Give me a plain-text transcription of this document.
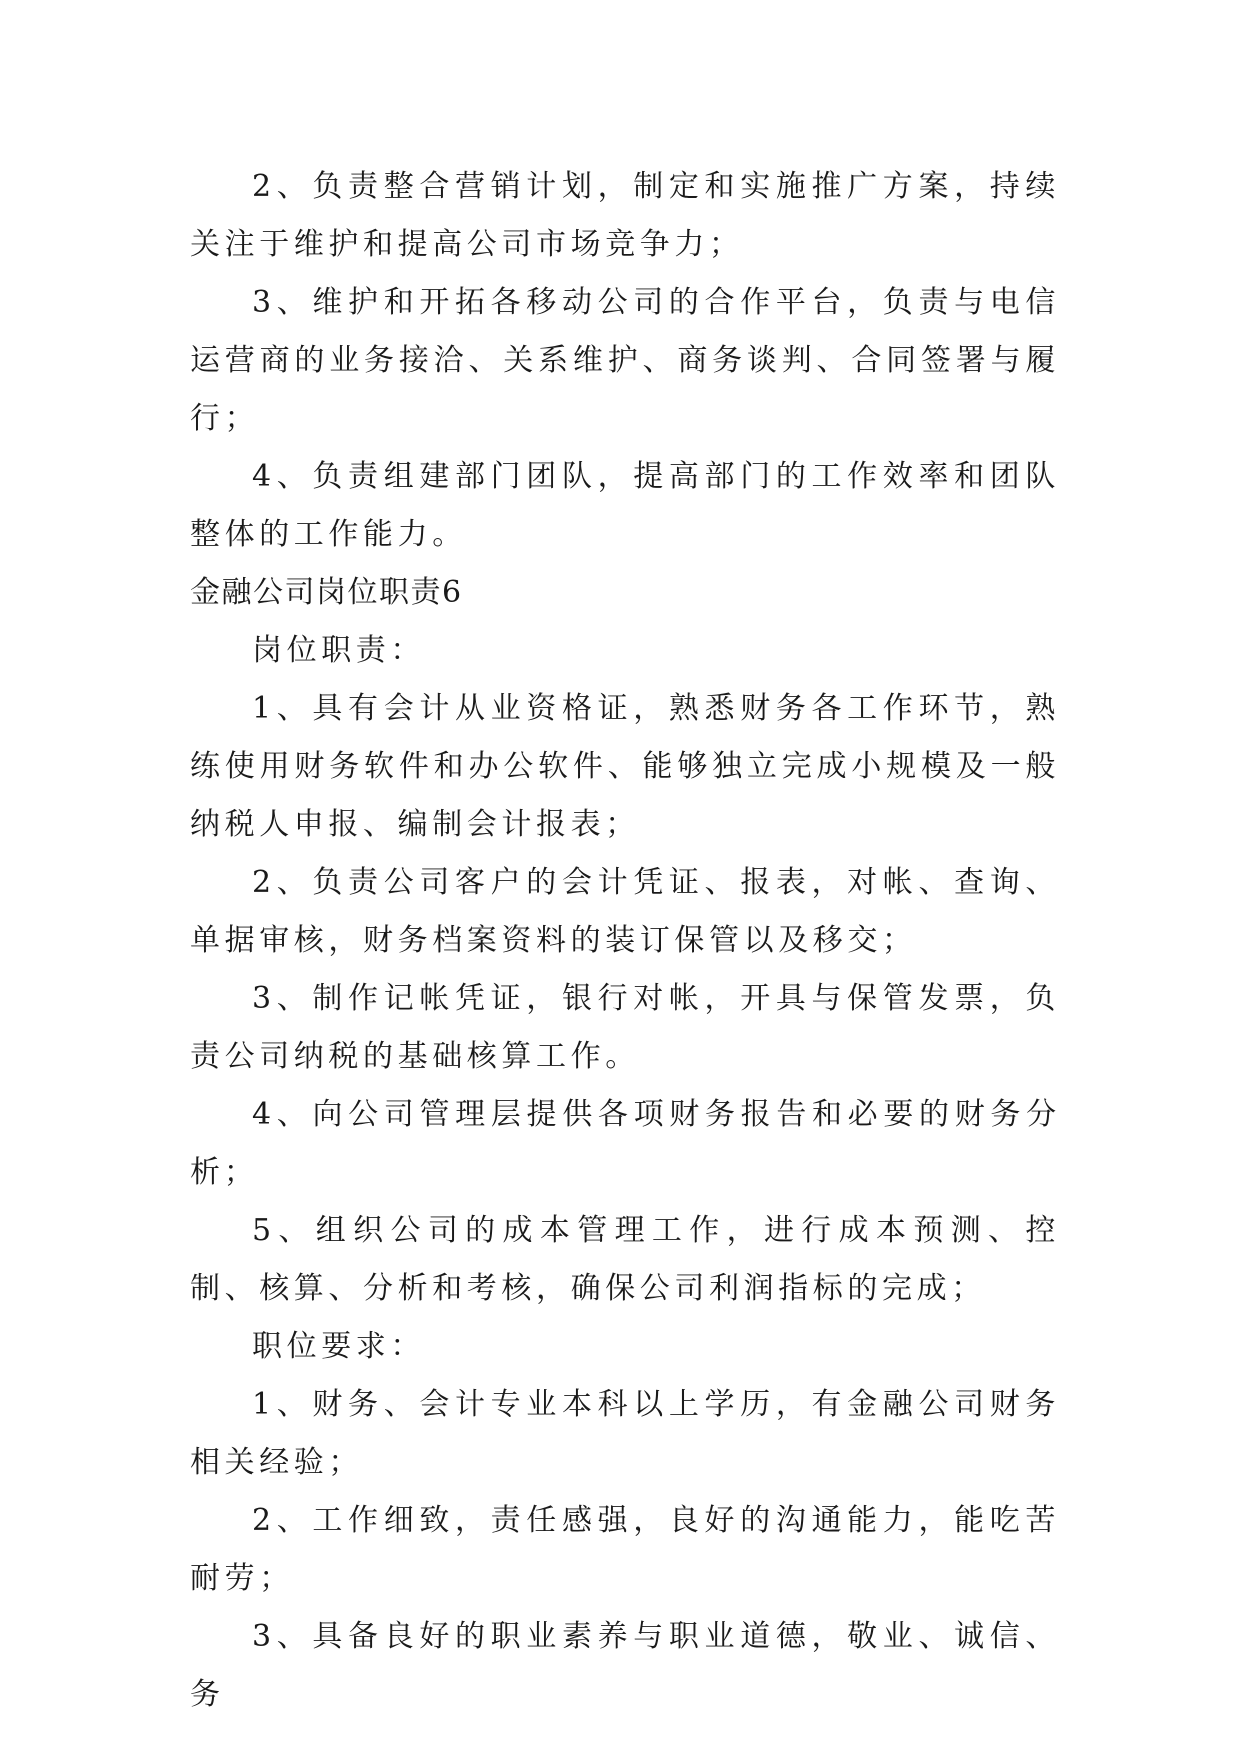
2、负责整合营销计划，制定和实施推广方案，持续关注于维护和提高公司市场竞争力；

3、维护和开拓各移动公司的合作平台，负责与电信运营商的业务接洽、关系维护、商务谈判、合同签署与履行；

4、负责组建部门团队，提高部门的工作效率和团队整体的工作能力。

金融公司岗位职责6

岗位职责：

1、具有会计从业资格证，熟悉财务各工作环节，熟练使用财务软件和办公软件、能够独立完成小规模及一般纳税人申报、编制会计报表；

2、负责公司客户的会计凭证、报表，对帐、查询、单据审核，财务档案资料的装订保管以及移交；

3、制作记帐凭证，银行对帐，开具与保管发票，负责公司纳税的基础核算工作。

4、向公司管理层提供各项财务报告和必要的财务分析；

5、组织公司的成本管理工作，进行成本预测、控制、核算、分析和考核，确保公司利润指标的完成；

职位要求：

1、财务、会计专业本科以上学历，有金融公司财务相关经验；

2、工作细致，责任感强，良好的沟通能力，能吃苦耐劳；

3、具备良好的职业素养与职业道德，敬业、诚信、务
